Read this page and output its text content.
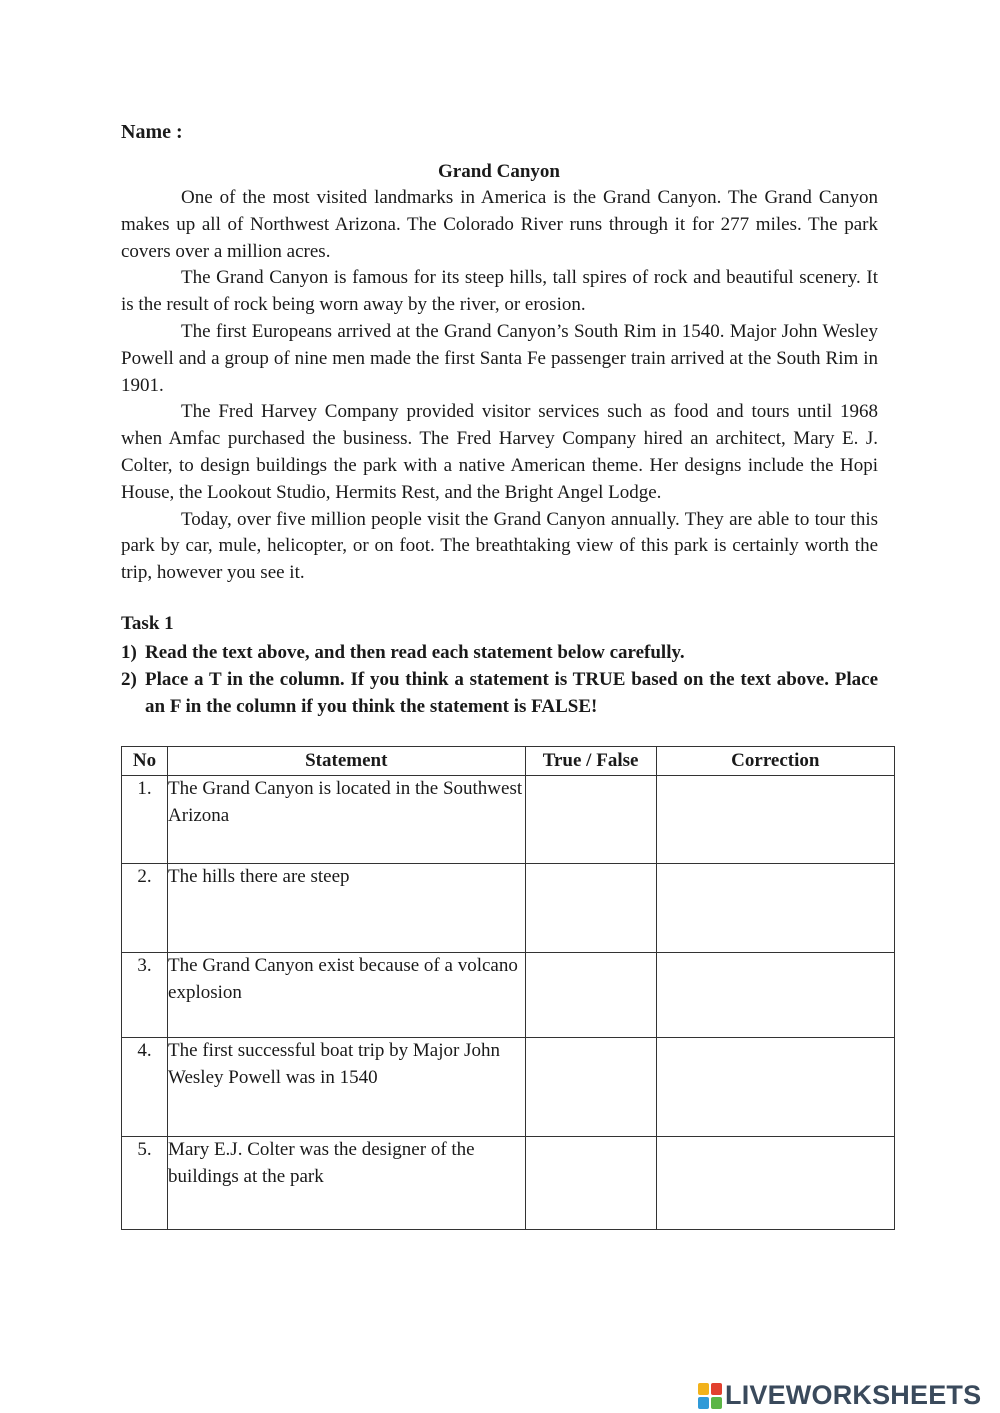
Name :
Grand Canyon

One of the most visited landmarks in America is the Grand Canyon. The Grand Canyon makes up all of Northwest Arizona. The Colorado River runs through it for 277 miles. The park covers over a million acres.

The Grand Canyon is famous for its steep hills, tall spires of rock and beautiful scenery. It is the result of rock being worn away by the river, or erosion.

The first Europeans arrived at the Grand Canyon’s South Rim in 1540. Major John Wesley Powell and a group of nine men made the first Santa Fe passenger train arrived at the South Rim in 1901.

The Fred Harvey Company provided visitor services such as food and tours until 1968 when Amfac purchased the business. The Fred Harvey Company hired an architect, Mary E. J. Colter, to design buildings the park with a native American theme. Her designs include the Hopi House, the Lookout Studio, Hermits Rest, and the Bright Angel Lodge.

Today, over five million people visit the Grand Canyon annually. They are able to tour this park by car, mule, helicopter, or on foot. The breathtaking view of this park is certainly worth the trip, however you see it.

Task 1
1) Read the text above, and then read each statement below carefully.
2) Place a T in the column. If you think a statement is TRUE based on the text above. Place an F in the column if you think the statement is FALSE!
No	Statement	True / False	Correction
1.	The Grand Canyon is located in the Southwest Arizona		
2.	The hills there are steep		
3.	The Grand Canyon exist because of a volcano explosion		
4.	The first successful boat trip by Major John Wesley Powell was in 1540		
5.	Mary E.J. Colter was the designer of the buildings at the park		
LIVEWORKSHEETS
